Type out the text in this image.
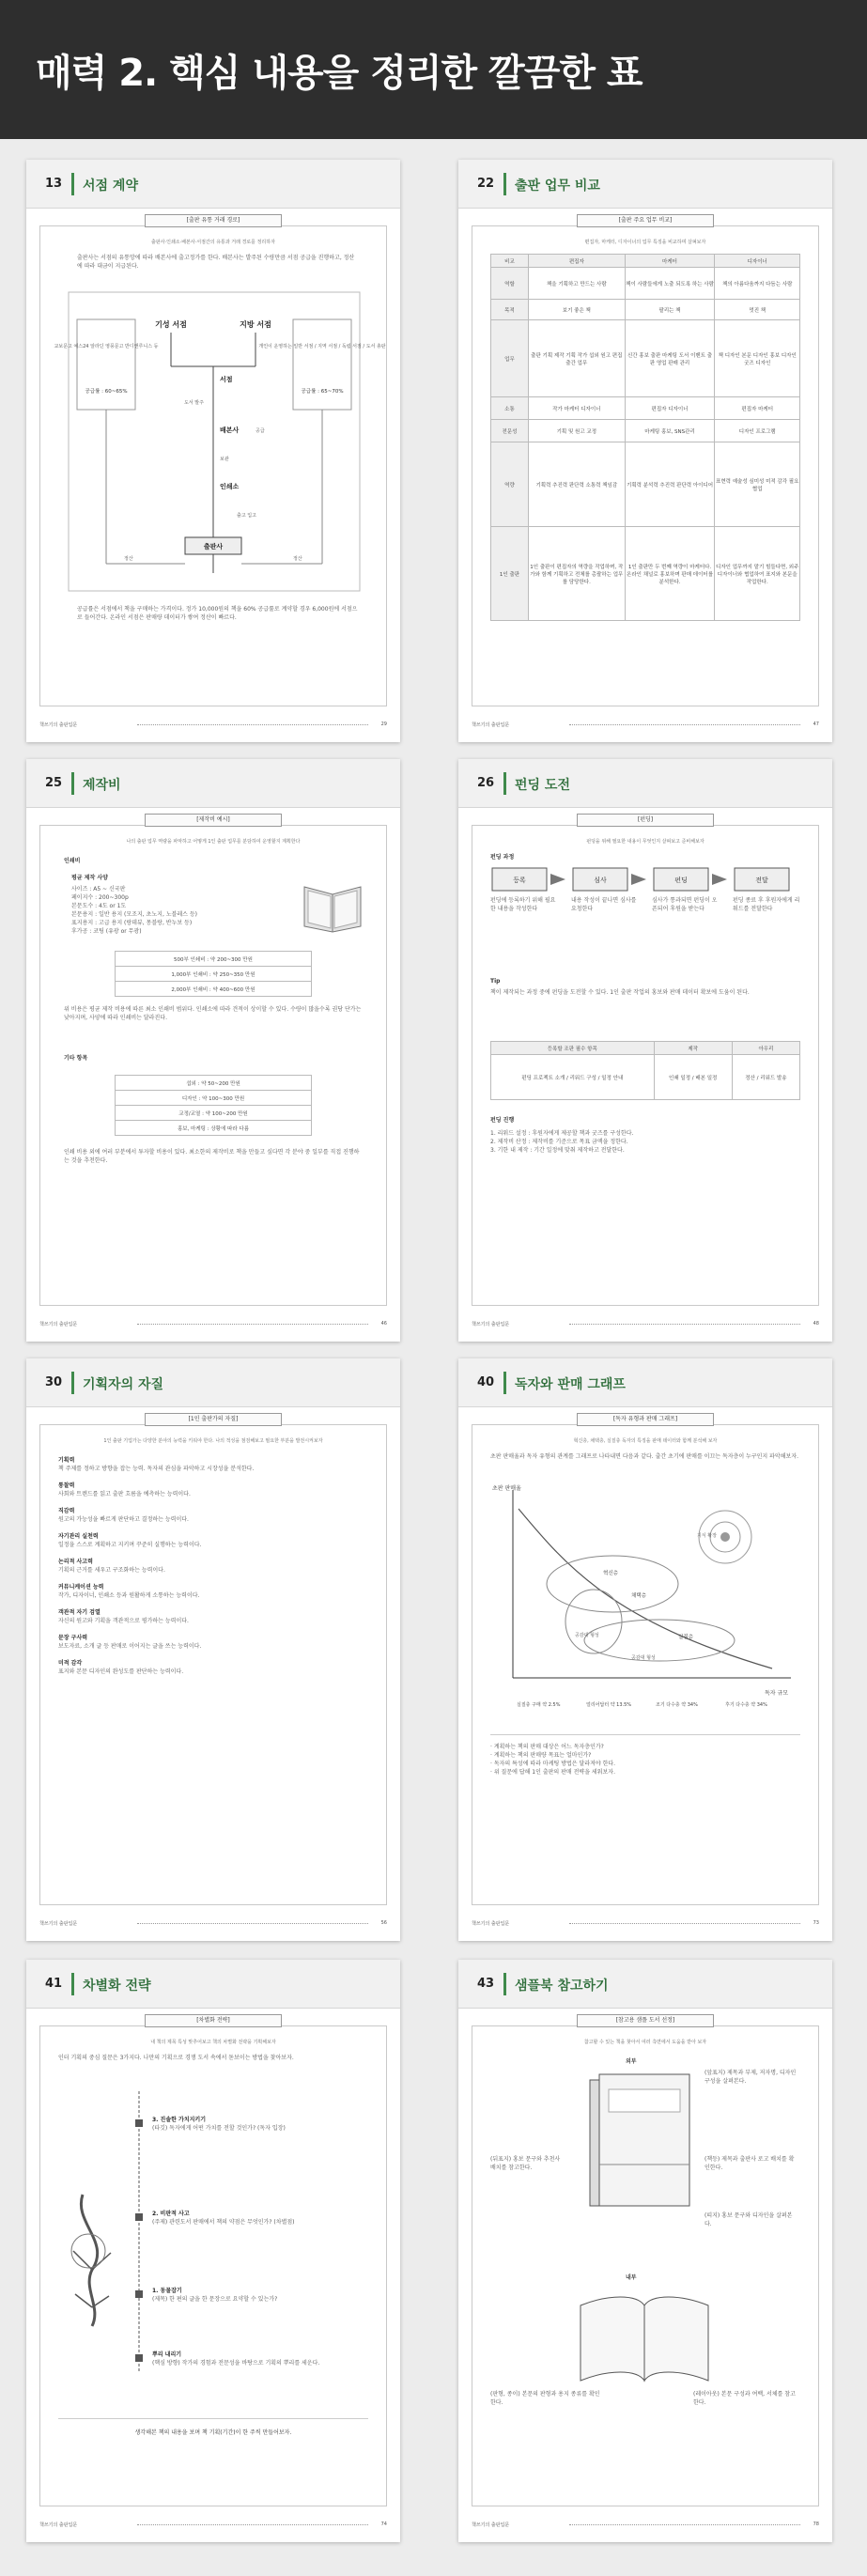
매력 2. 핵심 내용을 정리한 깔끔한 표
13 서점 계약
[출판 유통 거래 경로]
출판사·인쇄소·배본사·서점간의 유통과 거래 경로를 정리하자
출판사는 서점의 유통망에 따라 배본사에 출고정가를 한다. 배본사는 발주된 수량만큼 서점 공급을 진행하고, 정산에 따라 대금이 지급된다.
교보문고 예스24 알라딘 영풍문고 반디앤루니스 등
공급률 : 60~65%
개인이 운영하는 일반 서점 / 지역 서점 / 독립 서점 / 도서 총판
공급률 : 65~70%
기성 서점	지방 서점
서점
도서 발주
배본사
보관
인쇄소
출고 입고
출판사
정산	정산
공급
공급률은 서점에서 책을 구매하는 가격이다. 정가 10,000원의 책을 60% 공급률로 계약할 경우 6,000원에 서점으로 들어간다. 온라인 서점은 판매량 데이터가 쌓여 정산이 빠르다.
책쓰기의 출판입문	29
22 출판 업무 비교
[출판 주요 업무 비교]
편집자, 마케터, 디자이너의 업무 특징을 비교하며 살펴보자
비교	편집자	마케터	디자이너
역할	책을 기획하고 만드는 사람	책이 사람들에게 노출 되도록 하는 사람	책의 아름다움까지 다듬는 사람
목적	보기 좋은 책	팔리는 책	멋진 책
업무	출판 기획 제작 기획 작가 섭외 원고 편집 출간 업무	신간 홍보 출판 마케팅 도서 이벤트 출판 영업 판매 관리	책 디자인 본문 디자인 홍보 디자인 굿즈 디자인
소통	작가 마케터 디자이너	편집자 디자이너	편집자 마케터
전문성	기획 및 원고 교정	마케팅 홍보, SNS관리	디자인 프로그램
역량	기획력 추진력 판단력 소통력 책임감	기획력 분석력 추진력 판단력 아이디어	표현력 예술성 심미성 미적 감각 필요 협업
1인 출판	1인 출판이 편집자의 역량을 작업하며, 작가와 함께 기획하고 전체를 총괄하는 업무를 담당한다.	1인 출판만 두 번째 역량이 마케터다. 온라인 채널로 홍보하며 판매 데이터를 분석한다.	디자인 업무까지 맡기 힘들다면, 외주 디자이너와 협업하여 표지와 본문을 작업한다.
책쓰기의 출판입문	47
25 제작비
[제작비 예시]
나의 출판 업무 역량을 파악하고 어떻게 1인 출판 업무를 분담하여 운영할지 계획한다
인쇄비
평균 제작 사양
사이즈 : A5 ~ 신국판
페이지수 : 200~300p
본문도수 : 4도 or 1도
본문용지 : 일반 용지 (모조지, 초노지, 노블레스 등)
표지용지 : 고급 용지 (랑데뷰, 몽블랑, 반누보 등)
후가공 : 코팅 (유광 or 무광)
500부 인쇄비 : 약 200~300 만원
1,000부 인쇄비 : 약 250~350 만원
2,000부 인쇄비 : 약 400~600 만원
위 비용은 평균 제작 비용에 따른 최소 인쇄비 범위다. 인쇄소에 따라 견적이 상이할 수 있다. 수량이 많을수록 권당 단가는 낮아지며, 사양에 따라 인쇄비는 달라진다.
기타 항목
섭외 : 약 50~200 만원
디자인 : 약 100~300 만원
교정/교열 : 약 100~200 만원
홍보, 마케팅 : 상황에 따라 다름
인쇄 비용 외에 여러 부분에서 투자할 비용이 있다. 최소한의 제작비로 책을 만들고 싶다면 각 분야 중 일부를 직접 진행하는 것을 추천한다.
책쓰기의 출판입문	46
26 펀딩 도전
[펀딩]
펀딩을 위해 필요한 내용이 무엇인지 살펴보고 준비해보자
펀딩 과정
등록	심사	펀딩	전달
펀딩에 등록하기 위해 필요한 내용을 작성한다
내용 작성이 끝나면 심사를 요청한다
심사가 통과되면 펀딩이 오픈되어 후원을 받는다
펀딩 종료 후 후원자에게 리워드를 전달한다
Tip
책이 제작되는 과정 중에 펀딩을 도전할 수 있다. 1인 출판 작업의 홍보와 판매 데이터 확보에 도움이 된다.
등록할 조판 필수 항목	제작	아우리
펀딩 프로젝트 소개 / 리워드 구성 / 일정 안내	인쇄 일정 / 배본 일정	정산 / 리워드 발송
펀딩 진행
1. 리워드 설정 : 후원자에게 제공할 책과 굿즈를 구성한다.
2. 제작비 산정 : 제작비를 기준으로 목표 금액을 정한다.
3. 기한 내 제작 : 기간 일정에 맞춰 제작하고 전달한다.
책쓰기의 출판입문	48
30 기획자의 자질
[1인 출판가의 자질]
1인 출판 기업가는 다양한 분야의 능력을 키워야 한다. 나의 적성을 점검해보고 필요한 부분을 발전시켜보자
기획력
책 주제를 정하고 방향을 잡는 능력. 독자의 관심을 파악하고 시장성을 분석한다.
통찰력
사회와 트렌드를 읽고 출판 흐름을 예측하는 능력이다.
직감력
원고의 가능성을 빠르게 판단하고 결정하는 능력이다.
자기관리 실천력
일정을 스스로 계획하고 지키며 꾸준히 실행하는 능력이다.
논리적 사고력
기획의 근거를 세우고 구조화하는 능력이다.
커뮤니케이션 능력
작가, 디자이너, 인쇄소 등과 원활하게 소통하는 능력이다.
객관적 자기 검열
자신의 원고와 기획을 객관적으로 평가하는 능력이다.
문장 구사력
보도자료, 소개 글 등 판매로 이어지는 글을 쓰는 능력이다.
미적 감각
표지와 본문 디자인의 완성도를 판단하는 능력이다.
책쓰기의 출판입문	56
40 독자와 판매 그래프
[독자 유형과 판매 그래프]
혁신층, 채택층, 실질층 독자의 특징을 판매 데이터와 함께 분석해 보자
초판 판매율과 독자 유형의 관계를 그래프로 나타내면 다음과 같다. 출간 초기에 판매를 이끄는 독자층이 누구인지 파악해보자.
초판 판매율
독자 규모
혁신층
채택층
실질층
공감대 형성
지식 확장
공감대 형성
실질층 구매 약 2.5%	얼리어답터 약 13.5%	조기 다수층 약 34%	후기 다수층 약 34%
· 계획하는 책의 판매 대상은 어느 독자층인가?
· 계획하는 책의 판매량 목표는 얼마인가?
· 독자의 특성에 따라 마케팅 방법은 달라져야 한다.
· 위 질문에 답해 1인 출판의 판매 전략을 세워보자.
책쓰기의 출판입문	73
41 차별화 전략
[차별화 전략]
내 책의 제목 특성 맞추어보고 책의 차별화 전략을 기획해보자
인터 기획의 중심 질문은 3가지다. 나만의 기획으로 경쟁 도서 속에서 돋보이는 방법을 찾아보자.
3. 진솔한 가치지키기
(타깃) 독자에게 어떤 가치를 전할 것인가? (독자 입장)
2. 비판적 사고
(주제) 관련도서 판매에서 책의 약점은 무엇인가? (차별점)
1. 동물잡기
(제목) 한 편의 글을 한 문장으로 요약할 수 있는가?
뿌리 내리기
(핵심 방향) 작가의 경험과 전문성을 바탕으로 기획의 뿌리를 세운다.
생각해본 책의 내용을 보며 책 기획(기간)이 한 주씩 만들어보자.
책쓰기의 출판입문	74
43 샘플북 참고하기
[참고용 샘플 도서 선정]
참고할 수 있는 책을 찾아서 여러 측면에서 도움을 받아 보자
외부
내부
(앞표지) 제목과 부제, 저자명, 디자인 구성을 살펴본다.
(뒤표지) 홍보 문구와 추천사 배치를 참고한다.
(책등) 제목과 출판사 로고 배치를 확인한다.
(띠지) 홍보 문구와 디자인을 살펴본다.
(판형, 종이) 본문의 판형과 용지 종류를 확인한다.
(레이아웃) 본문 구성과 여백, 서체를 참고한다.
책쓰기의 출판입문	78
